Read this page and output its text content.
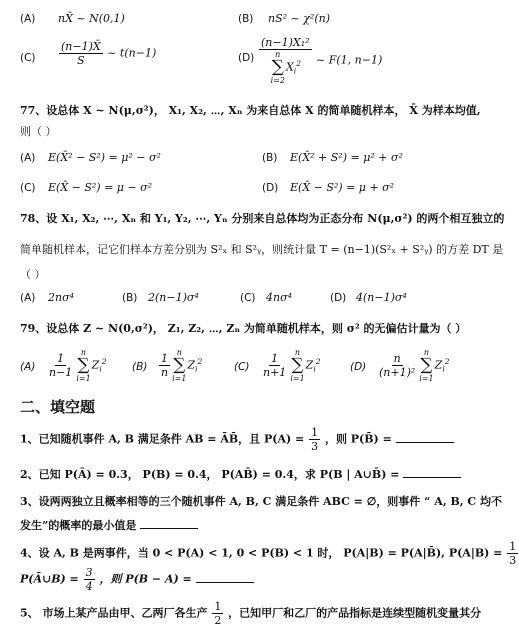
(A) nX̄ ~ N(0,1)	(B) nS² ~ χ²(n)
$(C) \frac{(n-1)X̄}{S}$ ~ t(n−1)	(D) (n−1)X₁²
n
∑
i=2
$X_i^2$ ~ F(1, n−1)
77、设总体 X ~ N(μ,σ²)， X₁, X₂, ⋯, Xₙ 为来自总体 X 的简单随机样本， X̄ 为样本均值,
则（ ）
(A) E(X̄² − S²) = μ² − σ²	(B) E(X̄² + S²) = μ² + σ²
(C) E(X̄ − S²) = μ − σ²	(D) E(X̄ − S²) = μ + σ²
78、设 X₁, X₂, ⋯, Xₙ 和 Y₁, Y₂, ⋯, Yₙ 分别来自总体均为正态分布 N(μ,σ²) 的两个相互独立的
简单随机样本，记它们样本方差分别为 S²ₓ 和 S²ᵧ，则统计量 T = (n−1)(S²ₓ + S²ᵧ) 的方差 DT 是
（ ）
(A) 2nσ⁴	(B) 2(n−1)σ⁴	(C) 4nσ⁴	(D) 4(n−1)σ⁴
79、设总体 Z ~ N(0,σ²)， Z₁, Z₂, ⋯, Zₙ 为简单随机样本，则 σ² 的无偏估计量为（ ）
$(A) \frac{1}{n-1}$ n
∑
i=1
$Z_i^2$ $(B) \frac{1}{n}$ n
∑
i=1
$Z_i^2$	$(C) \frac{1}{n+1}$ n
∑
i=1
$Z_i^2$	$(D) \frac{n}{\text{(n+1)²}}$ n
∑
i=1
$Z_i^2$
二、填空题
1、已知随机事件 A, B 满足条件 AB = ĀB̄，且 $P(A) = \frac{1}{3}$ ，则 P(B̄) =
2、已知 P(Ā) = 0.3， P(B) = 0.4， P(AB̄) = 0.4，求 P(B | A∪B̄) =
3、设两两独立且概率相等的三个随机事件 A, B, C 满足条件 ABC = ∅，则事件 “ A, B, C 均不
发生”的概率的最小值是
4、设 A, B 是两事件，当 0 < P(A) < 1, 0 < P(B) < 1 时， P(A|B) = P(A|B̄), $P(A|B) = \frac{1}{3}$
P(Ā∪B) = $\frac{3}{4}$ ，则 P(B − A) =
5、 市场上某产品由甲、乙两厂各生产 $\frac{1}{2}$ ，已知甲厂和乙厂的产品指标是连续型随机变量其分
